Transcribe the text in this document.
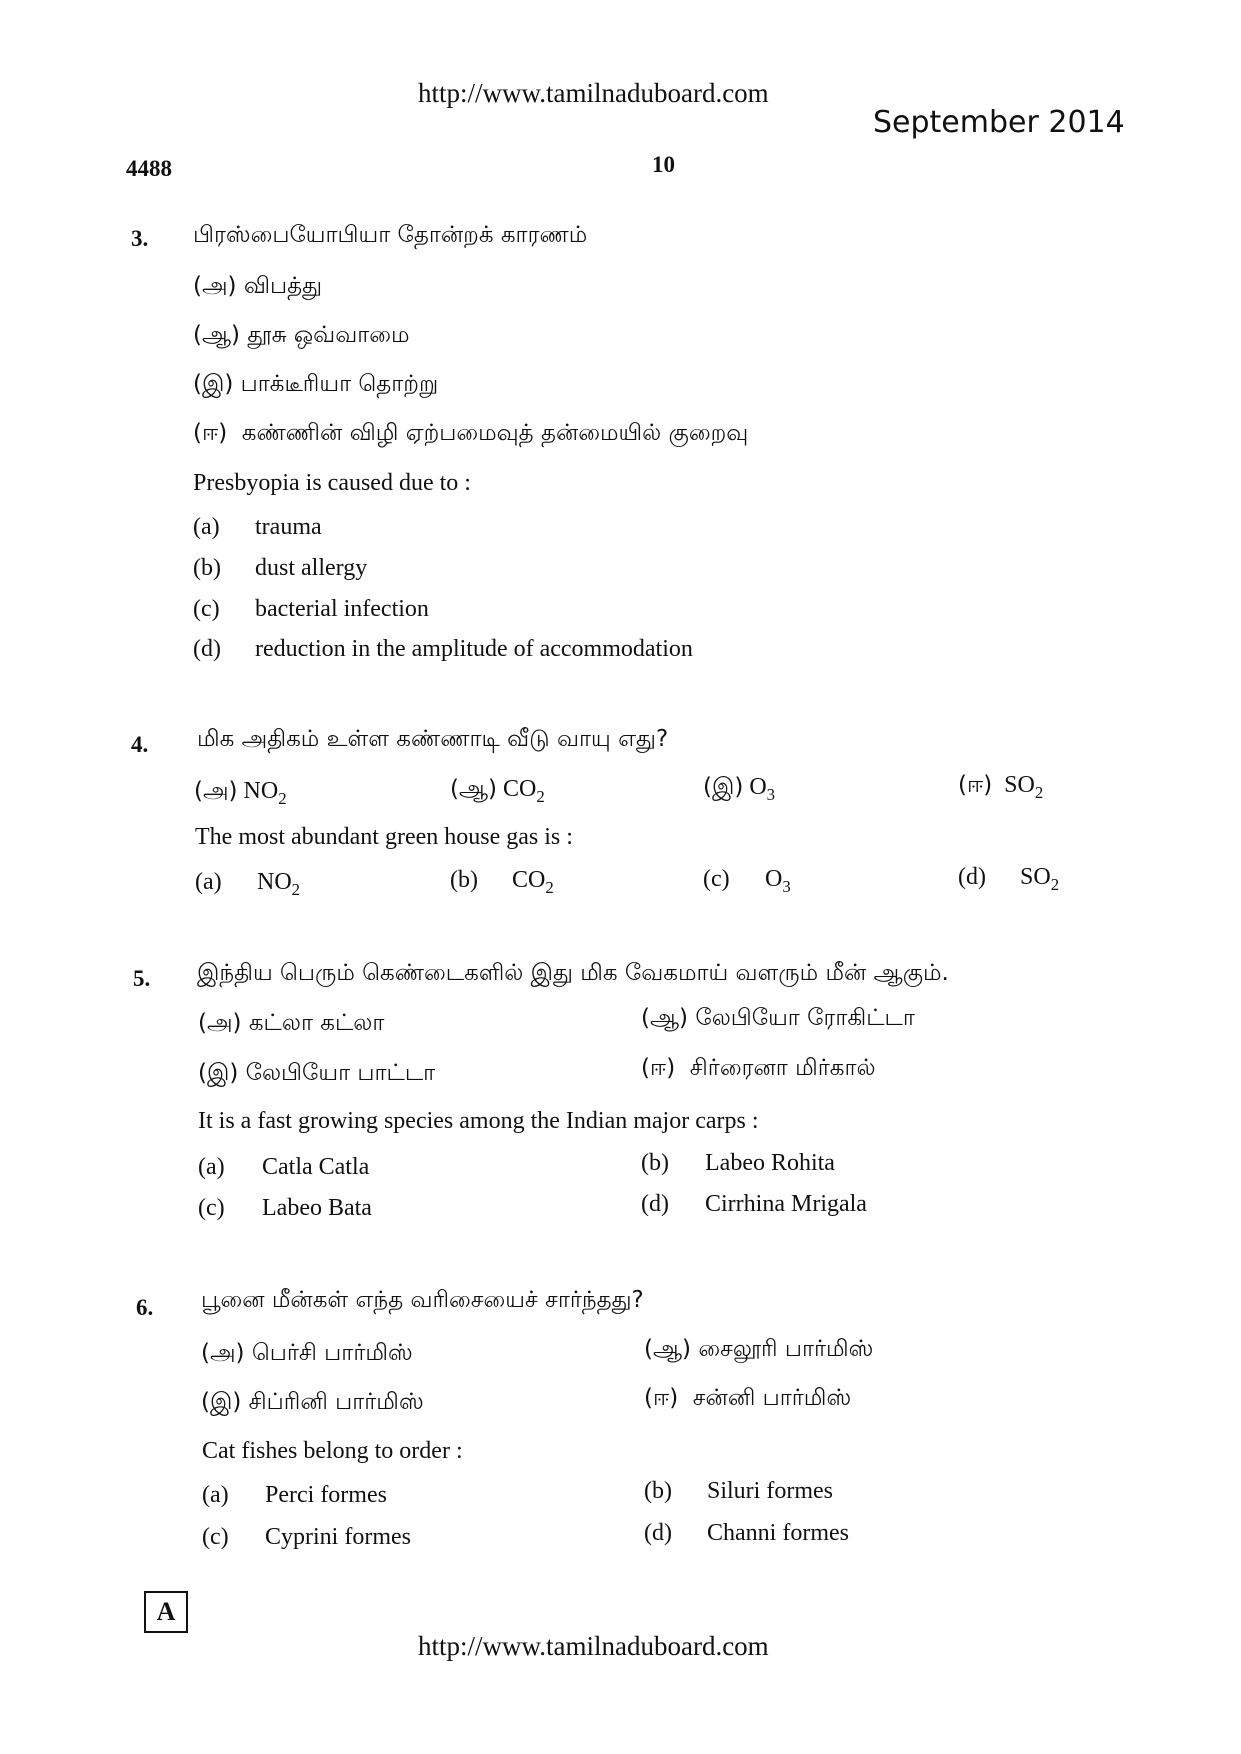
http://www.tamilnaduboard.com
September 2014
4488	10
3. பிரஸ்பையோபியா தோன்றக் காரணம்
(அ) விபத்து
(ஆ) தூசு ஒவ்வாமை
(இ) பாக்டீரியா தொற்று
(ஈ) கண்ணின் விழி ஏற்பமைவுத் தன்மையில் குறைவு
Presbyopia is caused due to :
(a) trauma
(b) dust allergy
(c) bacterial infection
(d) reduction in the amplitude of accommodation
4. மிக அதிகம் உள்ள கண்ணாடி வீடு வாயு எது?
(அ) $NO_2$	(ஆ) $CO_2$	(இ) $O_3$	(ஈ) $SO_2$
The most abundant green house gas is :
(a) $NO_2$	(b) $CO_2$	(c) $O_3$	(d) $SO_2$
5. இந்திய பெரும் கெண்டைகளில் இது மிக வேகமாய் வளரும் மீன் ஆகும்.
(அ) கட்லா கட்லா	(ஆ) லேபியோ ரோகிட்டா
(இ) லேபியோ பாட்டா	(ஈ) சிர்ரைனா மிர்கால்
It is a fast growing species among the Indian major carps :
(a) Catla Catla	(b) Labeo Rohita
(c) Labeo Bata	(d) Cirrhina Mrigala
6. பூனை மீன்கள் எந்த வரிசையைச் சார்ந்தது?
(அ) பெர்சி பார்மிஸ்	(ஆ) சைலூரி பார்மிஸ்
(இ) சிப்ரினி பார்மிஸ்	(ஈ) சன்னி பார்மிஸ்
Cat fishes belong to order :
(a) Perci formes	(b) Siluri formes
(c) Cyprini formes	(d) Channi formes
A
http://www.tamilnaduboard.com
